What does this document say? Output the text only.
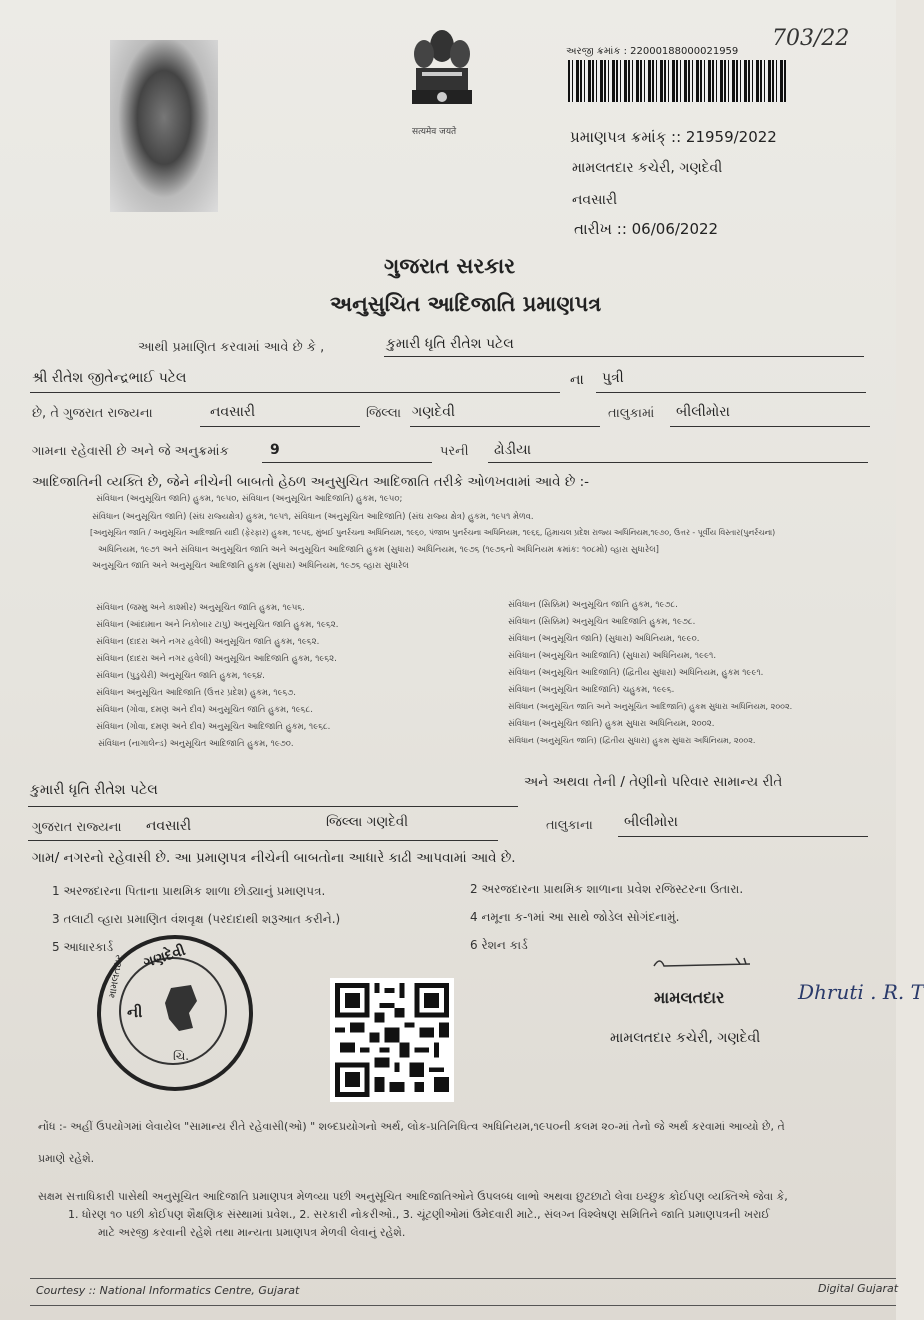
सत्यमेव जयते
અરજી ક્રમાંક : 22000188000021959
703/22
પ્રમાણપત્ર ક્રમાંક્ :: 21959/2022
મામલતદાર કચેરી, ગણદેવી
નવસારી
તારીખ :: 06/06/2022
ગુજરાત સરકાર
અનુસુચિત આદિજાતિ પ્રમાણપત્ર
આથી પ્રમાણિત કરવામાં આવે છે કે ,	કુમારી ધૃતિ રીતેશ પટેલ
શ્રી રીતેશ જીતેન્દ્રભાઈ પટેલ	ના પુત્રી
છે, તે ગુજરાત રાજ્યના	નવસારી	જિલ્લા ગણદેવી	તાલુકામાં બીલીમોરા
ગામના રહેવાસી છે અને જે અનુક્રમાંક	9	પરની ઢોડીયા
આદિજાતિની વ્યક્તિ છે, જેને નીચેની બાબતો હેઠળ અનુસુચિત આદિજાતિ તરીકે ઓળખવામાં આવે છે :-
સંવિધાન (અનુસૂચિત જાતિ) હુકમ, ૧૯૫૦, સંવિધાન (અનુસૂચિત આદિજાતિ) હુકમ, ૧૯૫૦;
સંવિધાન (અનુસૂચિત જાતિ) (સંઘ રાજ્યક્ષેત્ર) હુકમ, ૧૯૫૧, સંવિધાન (અનુસૂચિત આદિજાતિ) (સંઘ રાજ્ય ક્ષેત્ર) હુકમ, ૧૯૫૧ મેળવ.
[અનુસૂચિત જાતિ / અનુસૂચિત આદિજાતિ યાદી (ફેરફાર) હુકમ, ૧૯૫૬, મુંબઈ પુનર્રચના અધિનિયમ, ૧૯૬૦, પંજાબ પુનર્રચના અધિનિયમ, ૧૯૬૬, હિમાચલ પ્રદેશ રાજ્ય અધિનિયમ,૧૯૭૦, ઉત્તર - પૂર્વીય વિસ્તાર(પુનર્રચના)
અધિનિયમ, ૧૯૭૧ અને સંવિધાન અનુસૂચિત જાતિ અને અનુસૂચિત આદિજાતિ હુકમ (સુધારા) અધિનિયમ, ૧૯૭૬ (૧૯૭૬નો અધિનિયમ ક્રમાંક: ૧૦૮મો) વ્હારા સુધારેલ]
અનુસૂચિત જાતિ અને અનુસૂચિત આદિજાતિ હુકમ (સુધારા) અધિનિયમ, ૧૯૭૬ વ્હારા સુધારેલ
સંવિધાન (જમ્મુ અને કાશ્મીર) અનુસૂચિત જાતિ હુકમ, ૧૯૫૬.
સંવિધાન (આંદામાન અને નિકોબાર ટાપુ) અનુસૂચિત જાતિ હુકમ, ૧૯૬૨.
સંવિધાન (દાદરા અને નગર હવેલી) અનુસૂચિત જાતિ હુકમ, ૧૯૬૨.
સંવિધાન (દાદરા અને નગર હવેલી) અનુસૂચિત આદિજાતિ હુકમ, ૧૯૬૨.
સંવિધાન (પુડુચેરી) અનુસૂચિત જાતિ હુકમ, ૧૯૬૪.
સંવિધાન અનુસૂચિત આદિજાતિ (ઉત્તર પ્રદેશ) હુકમ, ૧૯૬૭.
સંવિધાન (ગોવા, દમણ અને દીવ) અનુસૂચિત જાતિ હુકમ, ૧૯૬૮.
સંવિધાન (ગોવા, દમણ અને દીવ) અનુસૂચિત આદિજાતિ હુકમ, ૧૯૬૮.
સંવિધાન (નાગાલેન્ડ) અનુસૂચિત આદિજાતિ હુકમ, ૧૯૭૦.
સંવિધાન (સિક્કિમ) અનુસૂચિત જાતિ હુકમ, ૧૯૭૮.
સંવિધાન (સિક્કિમ) અનુસૂચિત આદિજાતિ હુકમ, ૧૯૭૮.
સંવિધાન (અનુસૂચિત જાતિ) (સુધારા) અધિનિયમ, ૧૯૯૦.
સંવિધાન (અનુસૂચિત આદિજાતિ) (સુધારા) અધિનિયમ, ૧૯૯૧.
સંવિધાન (અનુસૂચિત આદિજાતિ) (દ્વિતીય સુધારા) અધિનિયમ, હુકમ ૧૯૯૧.
સંવિધાન (અનુસૂચિત આદિજાતિ) ચહુકમ, ૧૯૯૬.
સંવિધાન (અનુસૂચિત જાતિ અને અનુસૂચિત આદિજાતિ) હુકમ સુધારા અધિનિયમ, ૨૦૦૨.
સંવિધાન (અનુસૂચિત જાતિ) હુકમ સુધારા અધિનિયમ, ૨૦૦૨.
સંવિધાન (અનુસૂચિત જાતિ) (દ્વિતીય સુધારા) હુકમ સુધારા અધિનિયમ, ૨૦૦૨.
કુમારી ધૃતિ રીતેશ પટેલ	અને અથવા તેની / તેણીનો પરિવાર સામાન્ય રીતે
ગુજરાત રાજ્યના નવસારી	જિલ્લા ગણદેવી	તાલુકાના બીલીમોરા
ગામ/ નગરનો રહેવાસી છે. આ પ્રમાણપત્ર નીચેની બાબતોના આધારે કાઢી આપવામાં આવે છે.
1 અરજદારના પિતાના પ્રાથમિક શાળા છોડ્યાનું પ્રમાણપત્ર.	2 અરજદારના પ્રાથમિક શાળાના પ્રવેશ રજિસ્ટરના ઉતારા.
3 તલાટી વ્હારા પ્રમાણિત વંશવૃક્ષ (પરદાદાથી શરૂઆત કરીને.)	4 નમૂના ક-૧માં આ સાથે જોડેલ સોગંદનામું.
5 આધારકાર્ડ	6 રેશન કાર્ડ
ગણદેવી
મામલતદાર
ની
ચિ.
Dhruti . R. T
મામલતદાર
મામલતદાર કચેરી, ગણદેવી
નોંધ :- અહીં ઉપયોગમાં લેવાયેલ "સામાન્ય રીતે રહેવાસી(ઓ) " શબ્દપ્રયોગનો અર્થ, લોક-પ્રતિનિધિત્વ અધિનિયમ,૧૯૫૦ની કલમ ૨૦-માં તેનો જે અર્થ કરવામાં આવ્યો છે, તે
પ્રમાણે રહેશે.
સક્ષમ સત્તાધિકારી પાસેથી અનુસૂચિત આદિજાતિ પ્રમાણપત્ર મેળવ્યા પછી અનુસૂચિત આદિજાતિઓને ઉપલબ્ધ લાભો અથવા છુટછાટો લેવા ઇચ્છુક કોઈપણ વ્યક્તિએ જેવા કે,
1. ધોરણ ૧૦ પછી કોઈપણ શૈક્ષણિક સંસ્થામાં પ્રવેશ., 2. સરકારી નોકરીઓ., 3. ચૂંટણીઓમાં ઉમેદવારી માટે., સંલગ્ન વિશ્લેષણ સમિતિને જાતિ પ્રમાણપત્રની ખરાઈ
માટે અરજી કરવાની રહેશે તથા માન્યતા પ્રમાણપત્ર મેળવી લેવાનું રહેશે.
Courtesy :: National Informatics Centre, Gujarat	Digital Gujarat
